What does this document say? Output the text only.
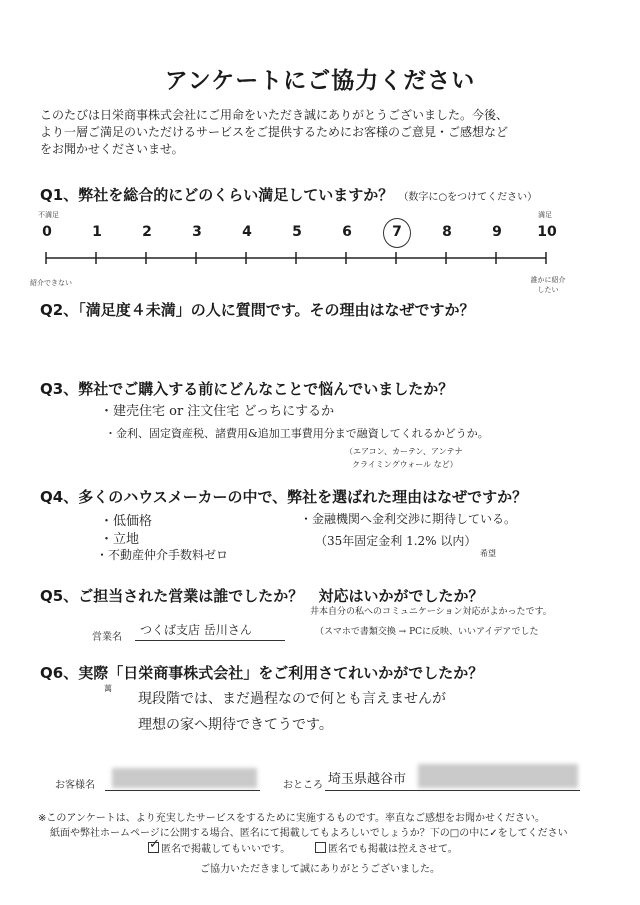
アンケートにご協力ください
このたびは日栄商事株式会社にご用命をいただき誠にありがとうございました。今後、
より一層ご満足のいただけるサービスをご提供するためにお客様のご意見・ご感想など
をお聞かせくださいませ。
Q1、弊社を総合的にどのくらい満足していますか？ （数字に○をつけてください）
不満足	満足
0	1	2	3	4	5	6	7	8	9	10
紹介できない	誰かに紹介したい
Q2、「満足度４未満」の人に質問です。その理由はなぜですか？
Q3、弊社でご購入する前にどんなことで悩んでいましたか？
・建売住宅 or 注文住宅 どっちにするか
・金利、固定資産税、諸費用&追加工事費用分まで融資してくれるかどうか。
（エアコン、カーテン、アンテナ
クライミングウォール など）
Q4、多くのハウスメーカーの中で、弊社を選ばれた理由はなぜですか？
・低価格
・立地
・不動産仲介手数料ゼロ
・金融機関へ金利交渉に期待している。
（35年固定金利 1.2% 以内）
希望
Q5、ご担当された営業は誰でしたか？ 対応はいかがでしたか？
営業名
つくば支店 岳川さん
井本自分の私へのコミュニケーション対応がよかったです。
（スマホで書類交換 → PCに反映、いいアイデアでした
Q6、実際「日栄商事株式会社」をご利用さてれいかがでしたか？
萬
現段階では、まだ過程なので何とも言えませんが
理想の家へ期待できてうです。
お客様名	おところ 埼玉県越谷市
※このアンケートは、より充実したサービスをするために実施するものです。率直なご感想をお聞かせください。
紙面や弊社ホームページに公開する場合、匿名にて掲載してもよろしいでしょうか？下の□の中に✓をしてください
✓ 匿名で掲載してもいいです。	匿名でも掲載は控えさせて。
ご協力いただきまして誠にありがとうございました。
